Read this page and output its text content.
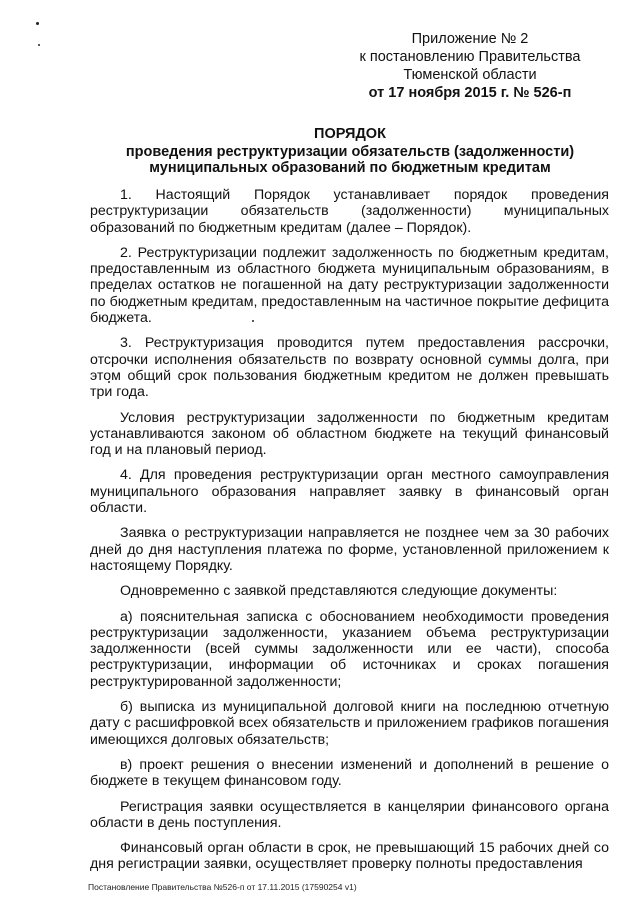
Приложение № 2
к постановлению Правительства
Тюменской области
от 17 ноября 2015 г. № 526-п
ПОРЯДОК
проведения реструктуризации обязательств (задолженности)
муниципальных образований по бюджетным кредитам

1. Настоящий Порядок устанавливает порядок проведения реструктуризации обязательств (задолженности) муниципальных образований по бюджетным кредитам (далее – Порядок).

2. Реструктуризации подлежит задолженность по бюджетным кредитам, предоставленным из областного бюджета муниципальным образованиям, в пределах остатков не погашенной на дату реструктуризации задолженности по бюджетным кредитам, предоставленным на частичное покрытие дефицита бюджета.

3. Реструктуризация проводится путем предоставления рассрочки, отсрочки исполнения обязательств по возврату основной суммы долга, при этом общий срок пользования бюджетным кредитом не должен превышать три года.

Условия реструктуризации задолженности по бюджетным кредитам устанавливаются законом об областном бюджете на текущий финансовый год и на плановый период.

4. Для проведения реструктуризации орган местного самоуправления муниципального образования направляет заявку в финансовый орган области.

Заявка о реструктуризации направляется не позднее чем за 30 рабочих дней до дня наступления платежа по форме, установленной приложением к настоящему Порядку.

Одновременно с заявкой представляются следующие документы:

а) пояснительная записка с обоснованием необходимости проведения реструктуризации задолженности, указанием объема реструктуризации задолженности (всей суммы задолженности или ее части), способа реструктуризации, информации об источниках и сроках погашения реструктурированной задолженности;

б) выписка из муниципальной долговой книги на последнюю отчетную дату с расшифровкой всех обязательств и приложением графиков погашения имеющихся долговых обязательств;

в) проект решения о внесении изменений и дополнений в решение о бюджете в текущем финансовом году.

Регистрация заявки осуществляется в канцелярии финансового органа области в день поступления.

Финансовый орган области в срок, не превышающий 15 рабочих дней со дня регистрации заявки, осуществляет проверку полноты предоставления

Постановление Правительства №526-п от 17.11.2015 (17590254 v1)
